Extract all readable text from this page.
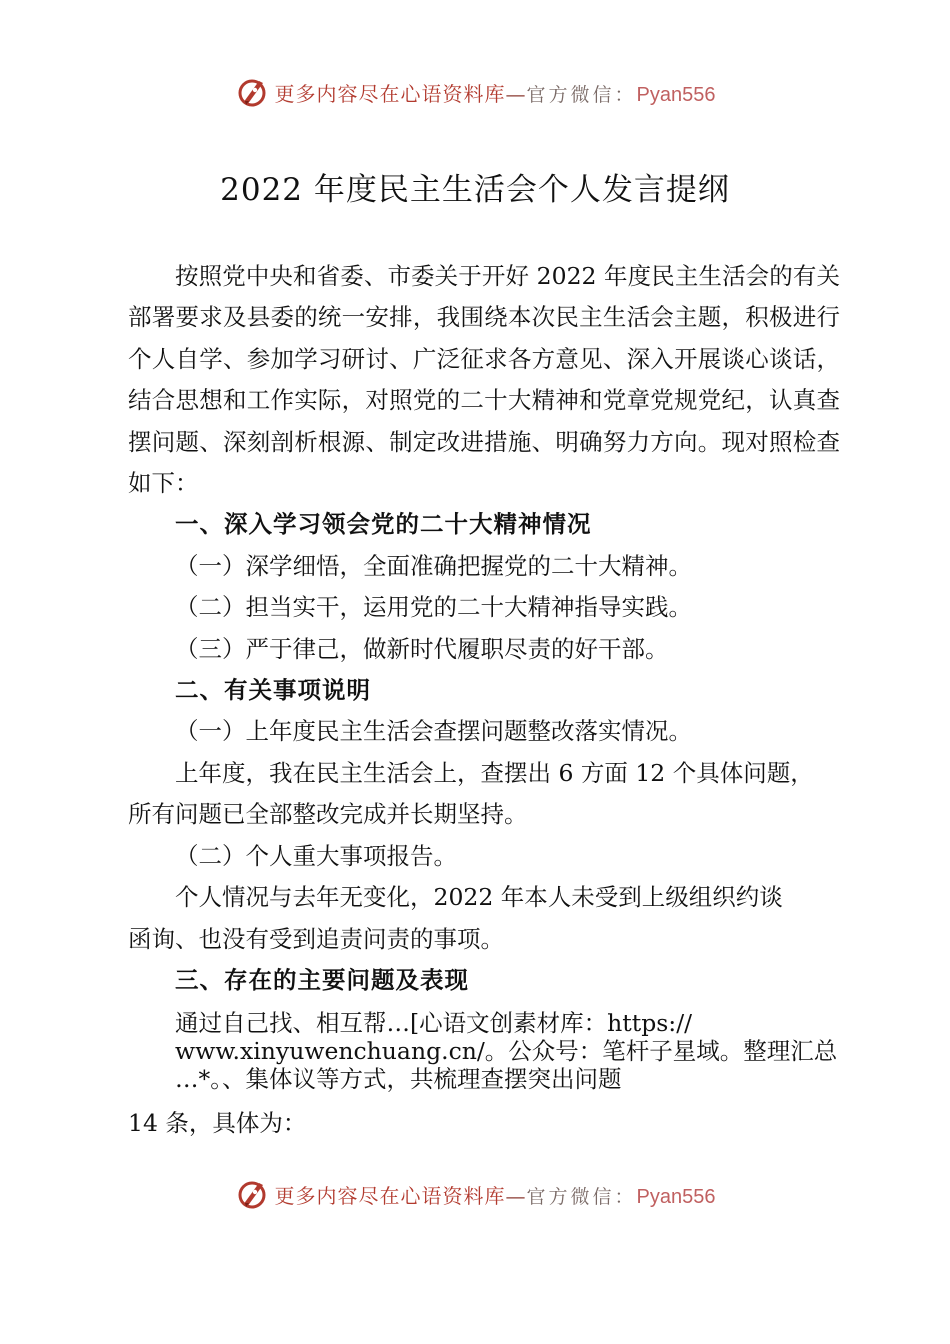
更多内容尽在心语资料库—官方微信：Pyan556
2022 年度民主生活会个人发言提纲

按照党中央和省委、市委关于开好 2022 年度民主生活会的有关部署要求及县委的统一安排，我围绕本次民主生活会主题，积极进行个人自学、参加学习研讨、广泛征求各方意见、深入开展谈心谈话，结合思想和工作实际，对照党的二十大精神和党章党规党纪，认真查摆问题、深刻剖析根源、制定改进措施、明确努力方向。现对照检查如下：

一、深入学习领会党的二十大精神情况

（一）深学细悟，全面准确把握党的二十大精神。

（二）担当实干，运用党的二十大精神指导实践。

（三）严于律己，做新时代履职尽责的好干部。

二、有关事项说明

（一）上年度民主生活会查摆问题整改落实情况。

上年度，我在民主生活会上，查摆出 6 方面 12 个具体问题，

所有问题已全部整改完成并长期坚持。

（二）个人重大事项报告。

个人情况与去年无变化，2022 年本人未受到上级组织约谈

函询、也没有受到追责问责的事项。

三、存在的主要问题及表现

通过自己找、相互帮…[心语文创素材库：https://

www.xinyuwenchuang.cn/。公众号：笔杆子星域。整理汇总

…*。、集体议等方式，共梳理查摆突出问题

14 条，具体为：

更多内容尽在心语资料库—官方微信：Pyan556
